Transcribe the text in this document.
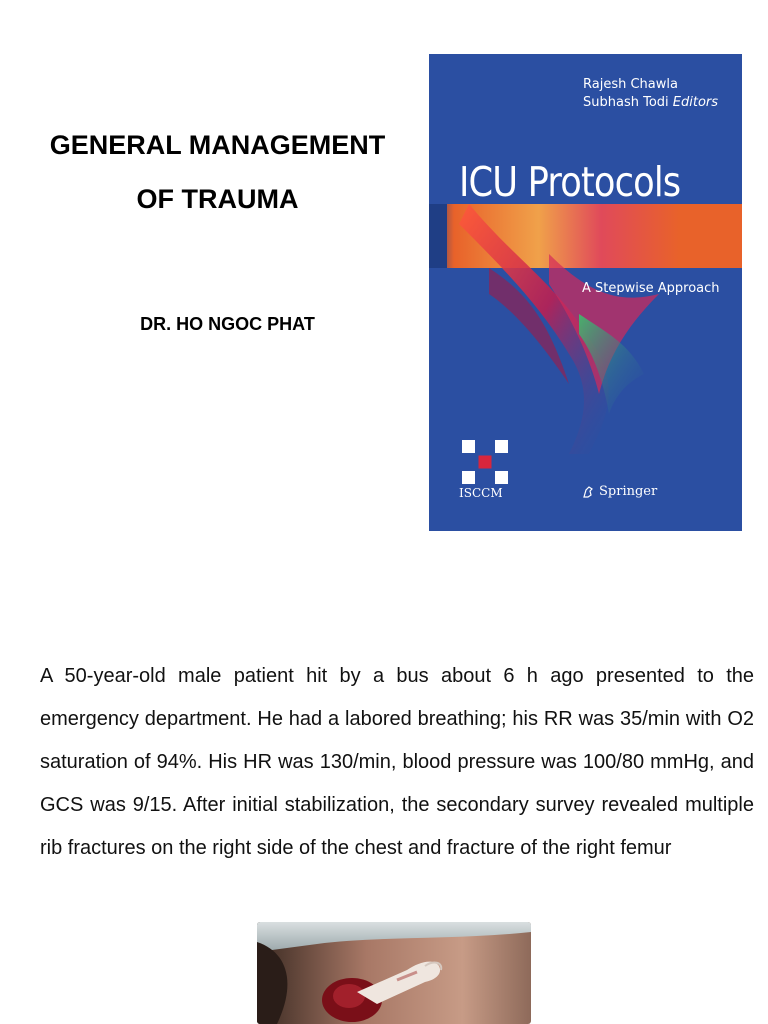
GENERAL MANAGEMENT
OF TRAUMA
DR. HO NGOC PHAT
Rajesh Chawla
Subhash Todi Editors
ICU Protocols
A Stepwise Approach
ISCCM	Springer
A 50-year-old male patient hit by a bus about 6 h ago presented to the emergency department. He had a labored breathing; his RR was 35/min with O2 saturation of 94%. His HR was 130/min, blood pressure was 100/80 mmHg, and GCS was 9/15. After initial stabilization, the secondary survey revealed multiple rib fractures on the right side of the chest and fracture of the right femur
